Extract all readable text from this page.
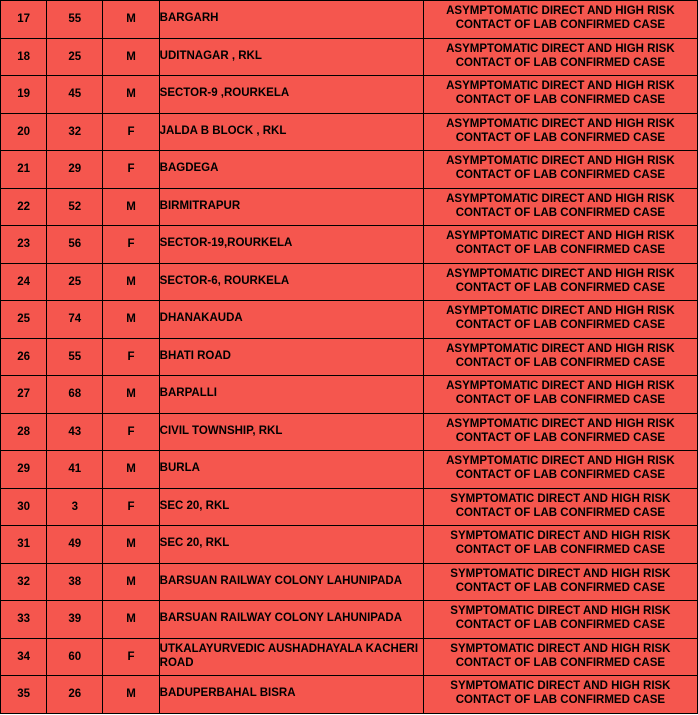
17	55	M	BARGARH	ASYMPTOMATIC DIRECT AND HIGH RISK CONTACT OF LAB CONFIRMED CASE
18	25	M	UDITNAGAR , RKL	ASYMPTOMATIC DIRECT AND HIGH RISK CONTACT OF LAB CONFIRMED CASE
19	45	M	SECTOR-9 ,ROURKELA	ASYMPTOMATIC DIRECT AND HIGH RISK CONTACT OF LAB CONFIRMED CASE
20	32	F	JALDA B BLOCK , RKL	ASYMPTOMATIC DIRECT AND HIGH RISK CONTACT OF LAB CONFIRMED CASE
21	29	F	BAGDEGA	ASYMPTOMATIC DIRECT AND HIGH RISK CONTACT OF LAB CONFIRMED CASE
22	52	M	BIRMITRAPUR	ASYMPTOMATIC DIRECT AND HIGH RISK CONTACT OF LAB CONFIRMED CASE
23	56	F	SECTOR-19,ROURKELA	ASYMPTOMATIC DIRECT AND HIGH RISK CONTACT OF LAB CONFIRMED CASE
24	25	M	SECTOR-6, ROURKELA	ASYMPTOMATIC DIRECT AND HIGH RISK CONTACT OF LAB CONFIRMED CASE
25	74	M	DHANAKAUDA	ASYMPTOMATIC DIRECT AND HIGH RISK CONTACT OF LAB CONFIRMED CASE
26	55	F	BHATI ROAD	ASYMPTOMATIC DIRECT AND HIGH RISK CONTACT OF LAB CONFIRMED CASE
27	68	M	BARPALLI	ASYMPTOMATIC DIRECT AND HIGH RISK CONTACT OF LAB CONFIRMED CASE
28	43	F	CIVIL TOWNSHIP, RKL	ASYMPTOMATIC DIRECT AND HIGH RISK CONTACT OF LAB CONFIRMED CASE
29	41	M	BURLA	ASYMPTOMATIC DIRECT AND HIGH RISK CONTACT OF LAB CONFIRMED CASE
30	3	F	SEC 20, RKL	SYMPTOMATIC DIRECT AND HIGH RISK CONTACT OF LAB CONFIRMED CASE
31	49	M	SEC 20, RKL	SYMPTOMATIC DIRECT AND HIGH RISK CONTACT OF LAB CONFIRMED CASE
32	38	M	BARSUAN RAILWAY COLONY LAHUNIPADA	SYMPTOMATIC DIRECT AND HIGH RISK CONTACT OF LAB CONFIRMED CASE
33	39	M	BARSUAN RAILWAY COLONY LAHUNIPADA	SYMPTOMATIC DIRECT AND HIGH RISK CONTACT OF LAB CONFIRMED CASE
34	60	F	UTKALAYURVEDIC AUSHADHAYALA KACHERI ROAD	SYMPTOMATIC DIRECT AND HIGH RISK CONTACT OF LAB CONFIRMED CASE
35	26	M	BADUPERBAHAL BISRA	SYMPTOMATIC DIRECT AND HIGH RISK CONTACT OF LAB CONFIRMED CASE
